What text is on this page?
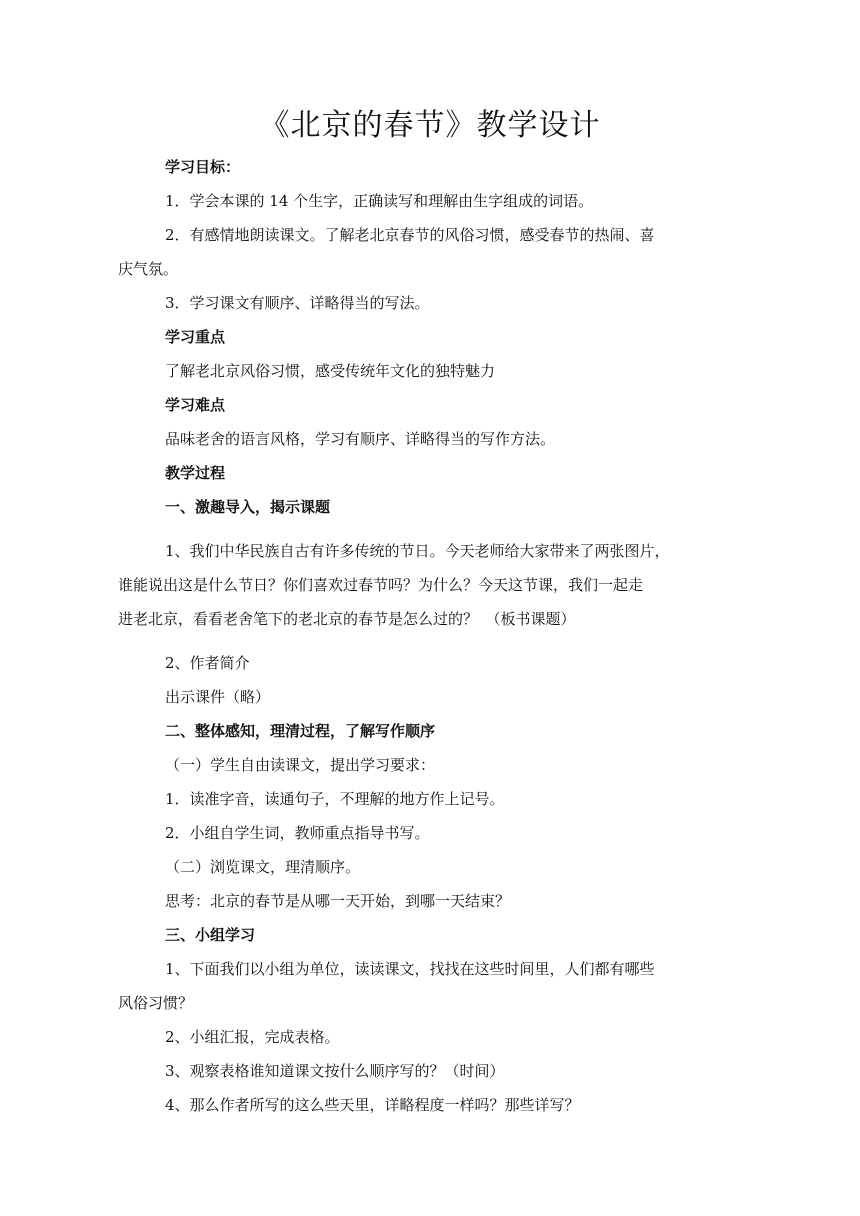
《北京的春节》教学设计
学习目标：
1．学会本课的 14 个生字，正确读写和理解由生字组成的词语。
2．有感情地朗读课文。了解老北京春节的风俗习惯，感受春节的热闹、喜
庆气氛。
3．学习课文有顺序、详略得当的写法。
学习重点
了解老北京风俗习惯，感受传统年文化的独特魅力
学习难点
品味老舍的语言风格，学习有顺序、详略得当的写作方法。
教学过程
一、激趣导入，揭示课题
1、我们中华民族自古有许多传统的节日。今天老师给大家带来了两张图片，
谁能说出这是什么节日？你们喜欢过春节吗？为什么？今天这节课，我们一起走
进老北京，看看老舍笔下的老北京的春节是怎么过的？　（板书课题）
2、作者简介
出示课件（略）
二、整体感知，理清过程，了解写作顺序
（一）学生自由读课文，提出学习要求：
1．读准字音，读通句子，不理解的地方作上记号。
2．小组自学生词，教师重点指导书写。
（二）浏览课文，理清顺序。
思考：北京的春节是从哪一天开始，到哪一天结束？
三、小组学习
1、下面我们以小组为单位，读读课文，找找在这些时间里，人们都有哪些
风俗习惯？
2、小组汇报，完成表格。
3、观察表格谁知道课文按什么顺序写的？（时间）
4、那么作者所写的这么些天里，详略程度一样吗？那些详写？
